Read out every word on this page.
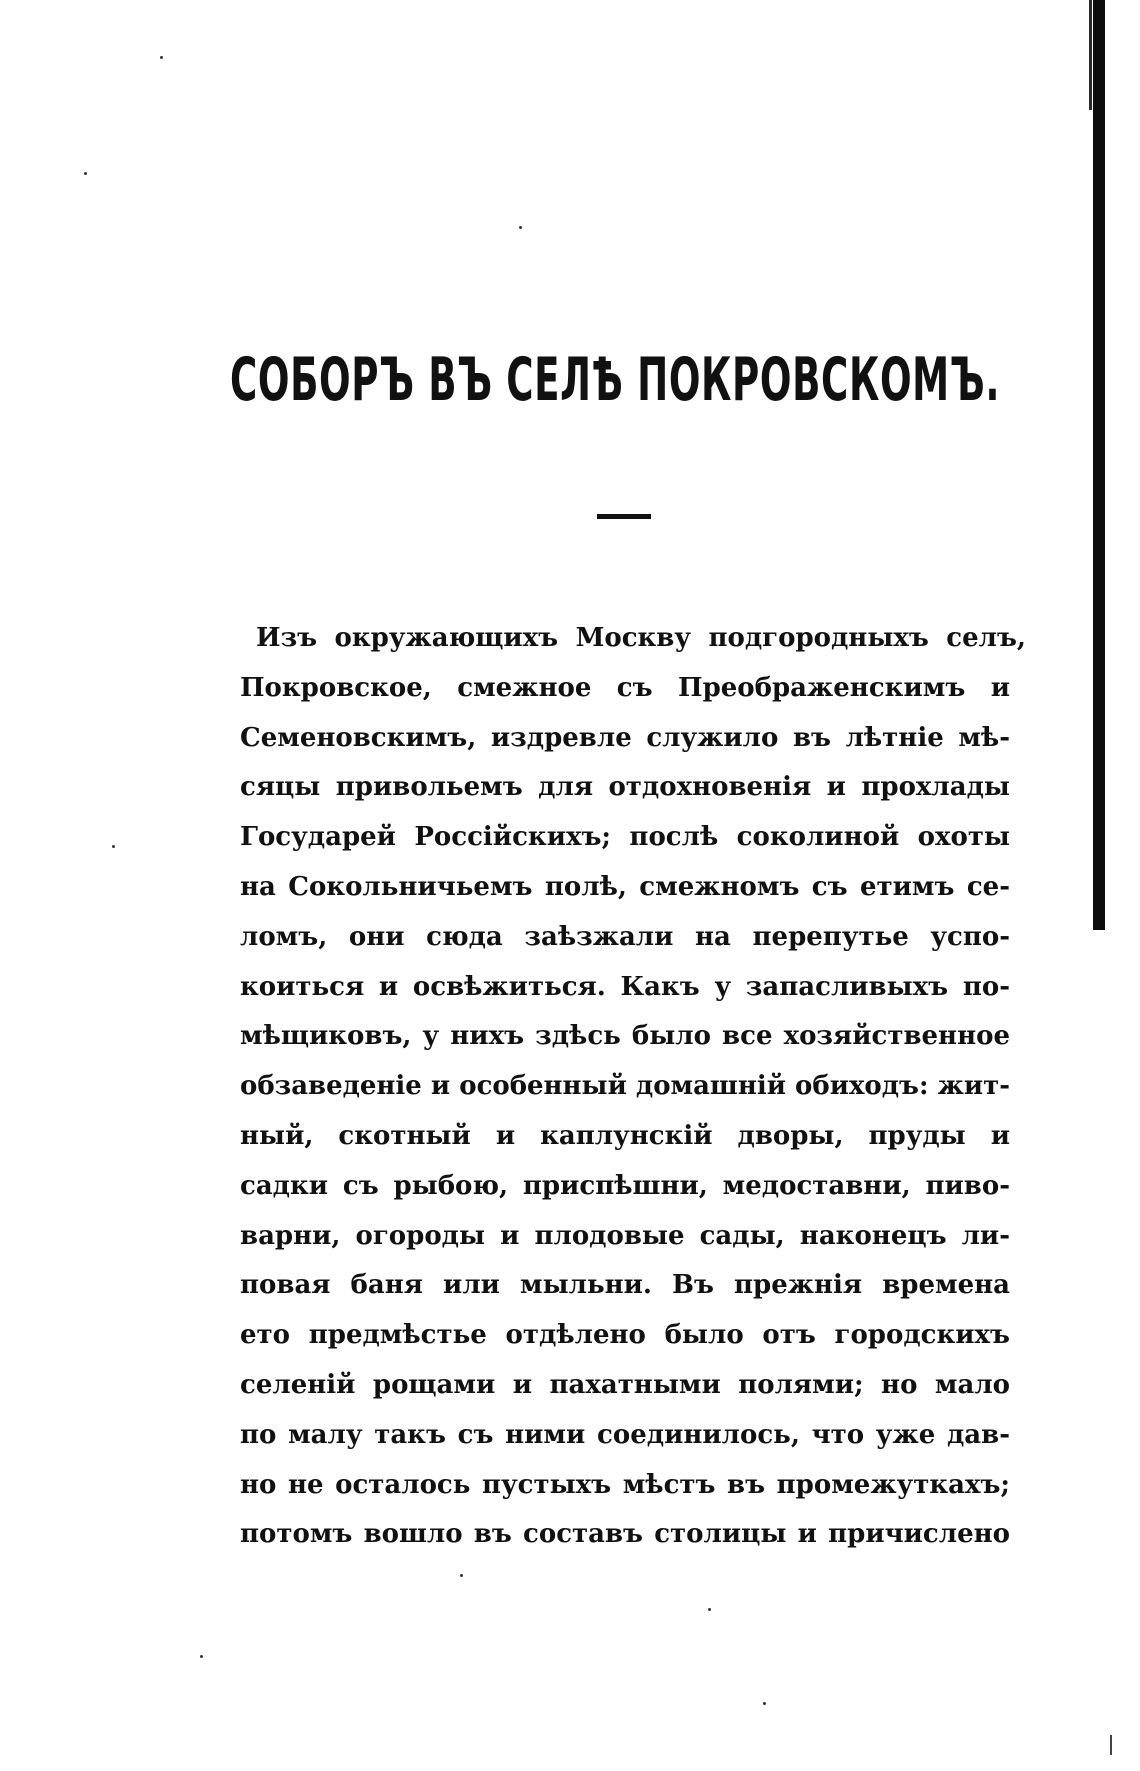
СОБОРЪ ВЪ СЕЛѢ ПОКРОВСКОМЪ.
Изъ окружающихъ Москву подгородныхъ селъ,
Покровское, смежное съ Преображенскимъ и
Семеновскимъ, издревле служило въ лѣтніе мѣ-
сяцы привольемъ для отдохновенія и прохлады
Государей Россійскихъ; послѣ соколиной охоты
на Сокольничьемъ полѣ, смежномъ съ етимъ се-
ломъ, они сюда заѣзжали на перепутье успо-
коиться и освѣжиться. Какъ у запасливыхъ по-
мѣщиковъ, у нихъ здѣсь было все хозяйственное
обзаведеніе и особенный домашній обиходъ: жит-
ный, скотный и каплунскій дворы, пруды и
садки съ рыбою, приспѣшни, медоставни, пиво-
варни, огороды и плодовые сады, наконецъ ли-
повая баня или мыльни. Въ прежнія времена
ето предмѣстье отдѣлено было отъ городскихъ
селеній рощами и пахатными полями; но мало
по малу такъ съ ними соединилось, что уже дав-
но не осталось пустыхъ мѣстъ въ промежуткахъ;
потомъ вошло въ составъ столицы и причислено
